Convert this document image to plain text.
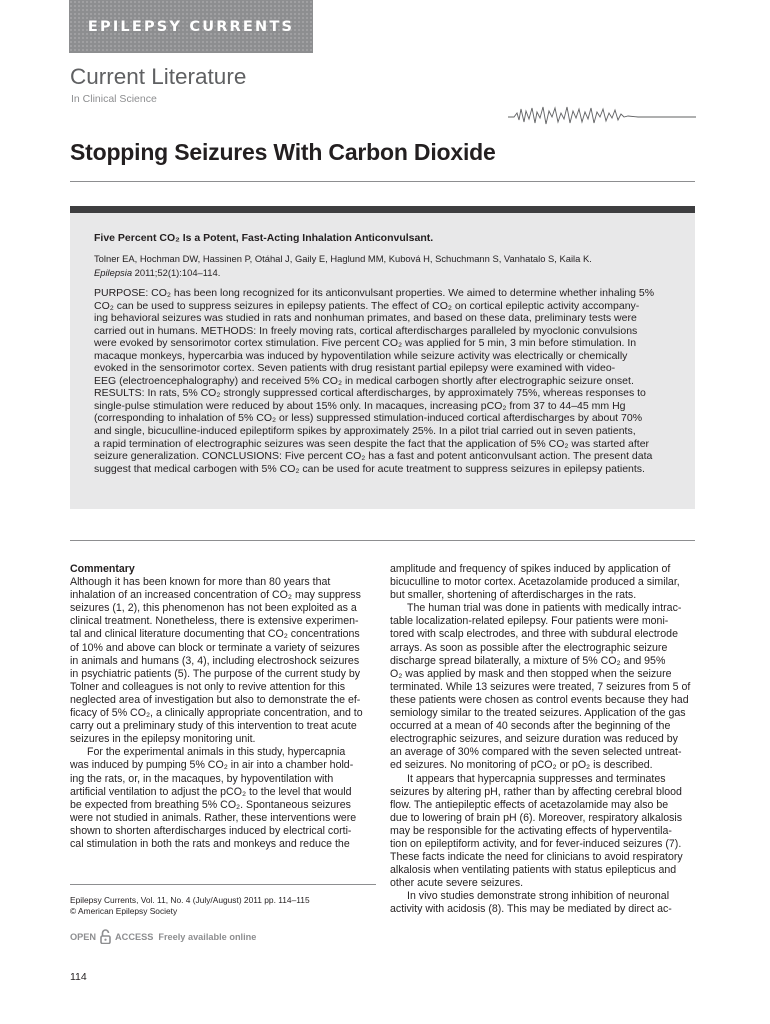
EPILEPSY CURRENTS
Current Literature
In Clinical Science
Stopping Seizures With Carbon Dioxide
Five Percent CO₂ Is a Potent, Fast-Acting Inhalation Anticonvulsant.
Tolner EA, Hochman DW, Hassinen P, Otáhal J, Gaily E, Haglund MM, Kubová H, Schuchmann S, Vanhatalo S, Kaila K.
Epilepsia 2011;52(1):104–114.
PURPOSE: CO₂ has been long recognized for its anticonvulsant properties. We aimed to determine whether inhaling 5%
CO₂ can be used to suppress seizures in epilepsy patients. The effect of CO₂ on cortical epileptic activity accompany-
ing behavioral seizures was studied in rats and nonhuman primates, and based on these data, preliminary tests were
carried out in humans. METHODS: In freely moving rats, cortical afterdischarges paralleled by myoclonic convulsions
were evoked by sensorimotor cortex stimulation. Five percent CO₂ was applied for 5 min, 3 min before stimulation. In
macaque monkeys, hypercarbia was induced by hypoventilation while seizure activity was electrically or chemically
evoked in the sensorimotor cortex. Seven patients with drug resistant partial epilepsy were examined with video-
EEG (electroencephalography) and received 5% CO₂ in medical carbogen shortly after electrographic seizure onset.
RESULTS: In rats, 5% CO₂ strongly suppressed cortical afterdischarges, by approximately 75%, whereas responses to
single-pulse stimulation were reduced by about 15% only. In macaques, increasing pCO₂ from 37 to 44–45 mm Hg
(corresponding to inhalation of 5% CO₂ or less) suppressed stimulation-induced cortical afterdischarges by about 70%
and single, bicuculline-induced epileptiform spikes by approximately 25%. In a pilot trial carried out in seven patients,
a rapid termination of electrographic seizures was seen despite the fact that the application of 5% CO₂ was started after
seizure generalization. CONCLUSIONS: Five percent CO₂ has a fast and potent anticonvulsant action. The present data
suggest that medical carbogen with 5% CO₂ can be used for acute treatment to suppress seizures in epilepsy patients.
Commentary
Although it has been known for more than 80 years that
inhalation of an increased concentration of CO₂ may suppress
seizures (1, 2), this phenomenon has not been exploited as a
clinical treatment. Nonetheless, there is extensive experimen-
tal and clinical literature documenting that CO₂ concentrations
of 10% and above can block or terminate a variety of seizures
in animals and humans (3, 4), including electroshock seizures
in psychiatric patients (5). The purpose of the current study by
Tolner and colleagues is not only to revive attention for this
neglected area of investigation but also to demonstrate the ef-
ficacy of 5% CO₂, a clinically appropriate concentration, and to
carry out a preliminary study of this intervention to treat acute
seizures in the epilepsy monitoring unit.
For the experimental animals in this study, hypercapnia
was induced by pumping 5% CO₂ in air into a chamber hold-
ing the rats, or, in the macaques, by hypoventilation with
artificial ventilation to adjust the pCO₂ to the level that would
be expected from breathing 5% CO₂. Spontaneous seizures
were not studied in animals. Rather, these interventions were
shown to shorten afterdischarges induced by electrical corti-
cal stimulation in both the rats and monkeys and reduce the
amplitude and frequency of spikes induced by application of
bicuculline to motor cortex. Acetazolamide produced a similar,
but smaller, shortening of afterdischarges in the rats.
The human trial was done in patients with medically intrac-
table localization-related epilepsy. Four patients were moni-
tored with scalp electrodes, and three with subdural electrode
arrays. As soon as possible after the electrographic seizure
discharge spread bilaterally, a mixture of 5% CO₂ and 95%
O₂ was applied by mask and then stopped when the seizure
terminated. While 13 seizures were treated, 7 seizures from 5 of
these patients were chosen as control events because they had
semiology similar to the treated seizures. Application of the gas
occurred at a mean of 40 seconds after the beginning of the
electrographic seizures, and seizure duration was reduced by
an average of 30% compared with the seven selected untreat-
ed seizures. No monitoring of pCO₂ or pO₂ is described.
It appears that hypercapnia suppresses and terminates
seizures by altering pH, rather than by affecting cerebral blood
flow. The antiepileptic effects of acetazolamide may also be
due to lowering of brain pH (6). Moreover, respiratory alkalosis
may be responsible for the activating effects of hyperventila-
tion on epileptiform activity, and for fever-induced seizures (7).
These facts indicate the need for clinicians to avoid respiratory
alkalosis when ventilating patients with status epilepticus and
other acute severe seizures.
In vivo studies demonstrate strong inhibition of neuronal
activity with acidosis (8). This may be mediated by direct ac-
Epilepsy Currents, Vol. 11, No. 4 (July/August) 2011 pp. 114–115
© American Epilepsy Society
OPEN ACCESS Freely available online
114
